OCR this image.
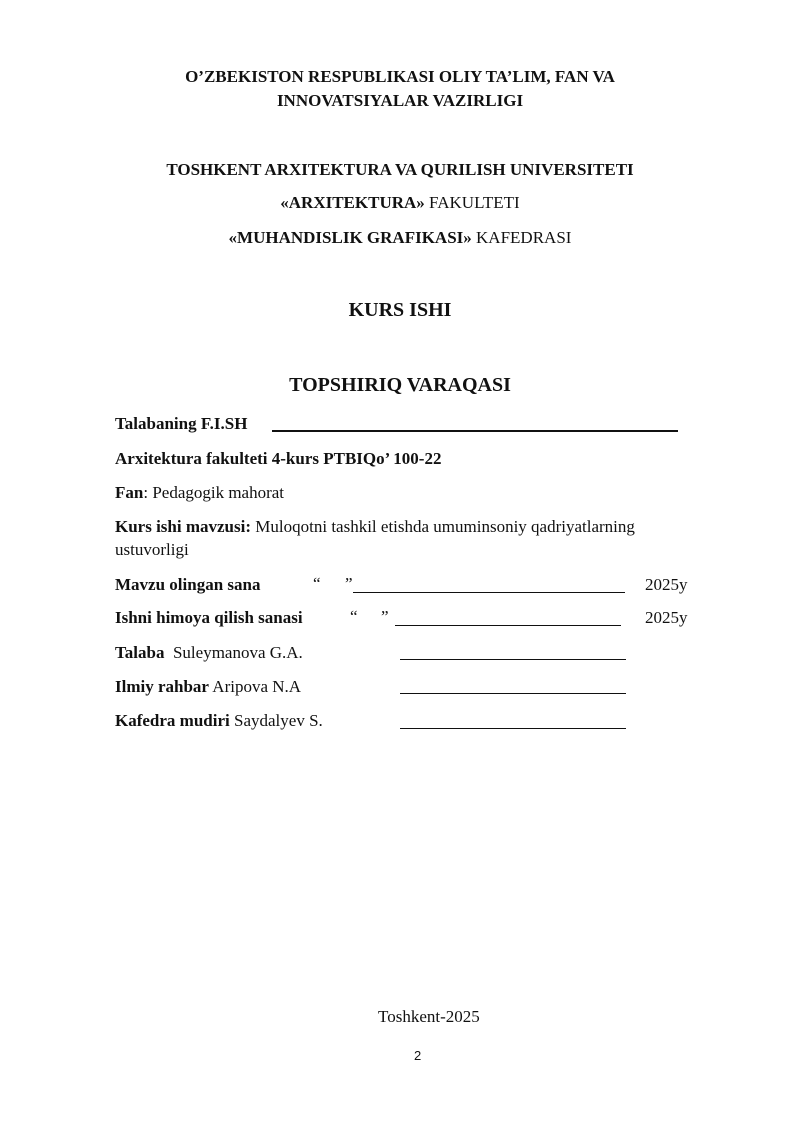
O’ZBEKISTON RESPUBLIKASI OLIY TA’LIM, FAN VA
INNOVATSIYALAR VAZIRLIGI
TOSHKENT ARXITEKTURA VA QURILISH UNIVERSITETI
«ARXITEKTURA» FAKULTETI
«MUHANDISLIK GRAFIKASI» KAFEDRASI
KURS ISHI
TOPSHIRIQ VARAQASI
Talabaning F.I.SH
Arxitektura fakulteti 4-kurs PTBIQo’ 100-22
Fan: Pedagogik mahorat
Kurs ishi mavzusi: Muloqotni tashkil etishda umuminsoniy qadriyatlarning
ustuvorligi
Mavzu olingan sana	“ ”	2025y
Ishni himoya qilish sanasi	“ ”	2025y
Talaba Suleymanova G.A.
Ilmiy rahbar Aripova N.A
Kafedra mudiri Saydalyev S.
Toshkent-2025
2
